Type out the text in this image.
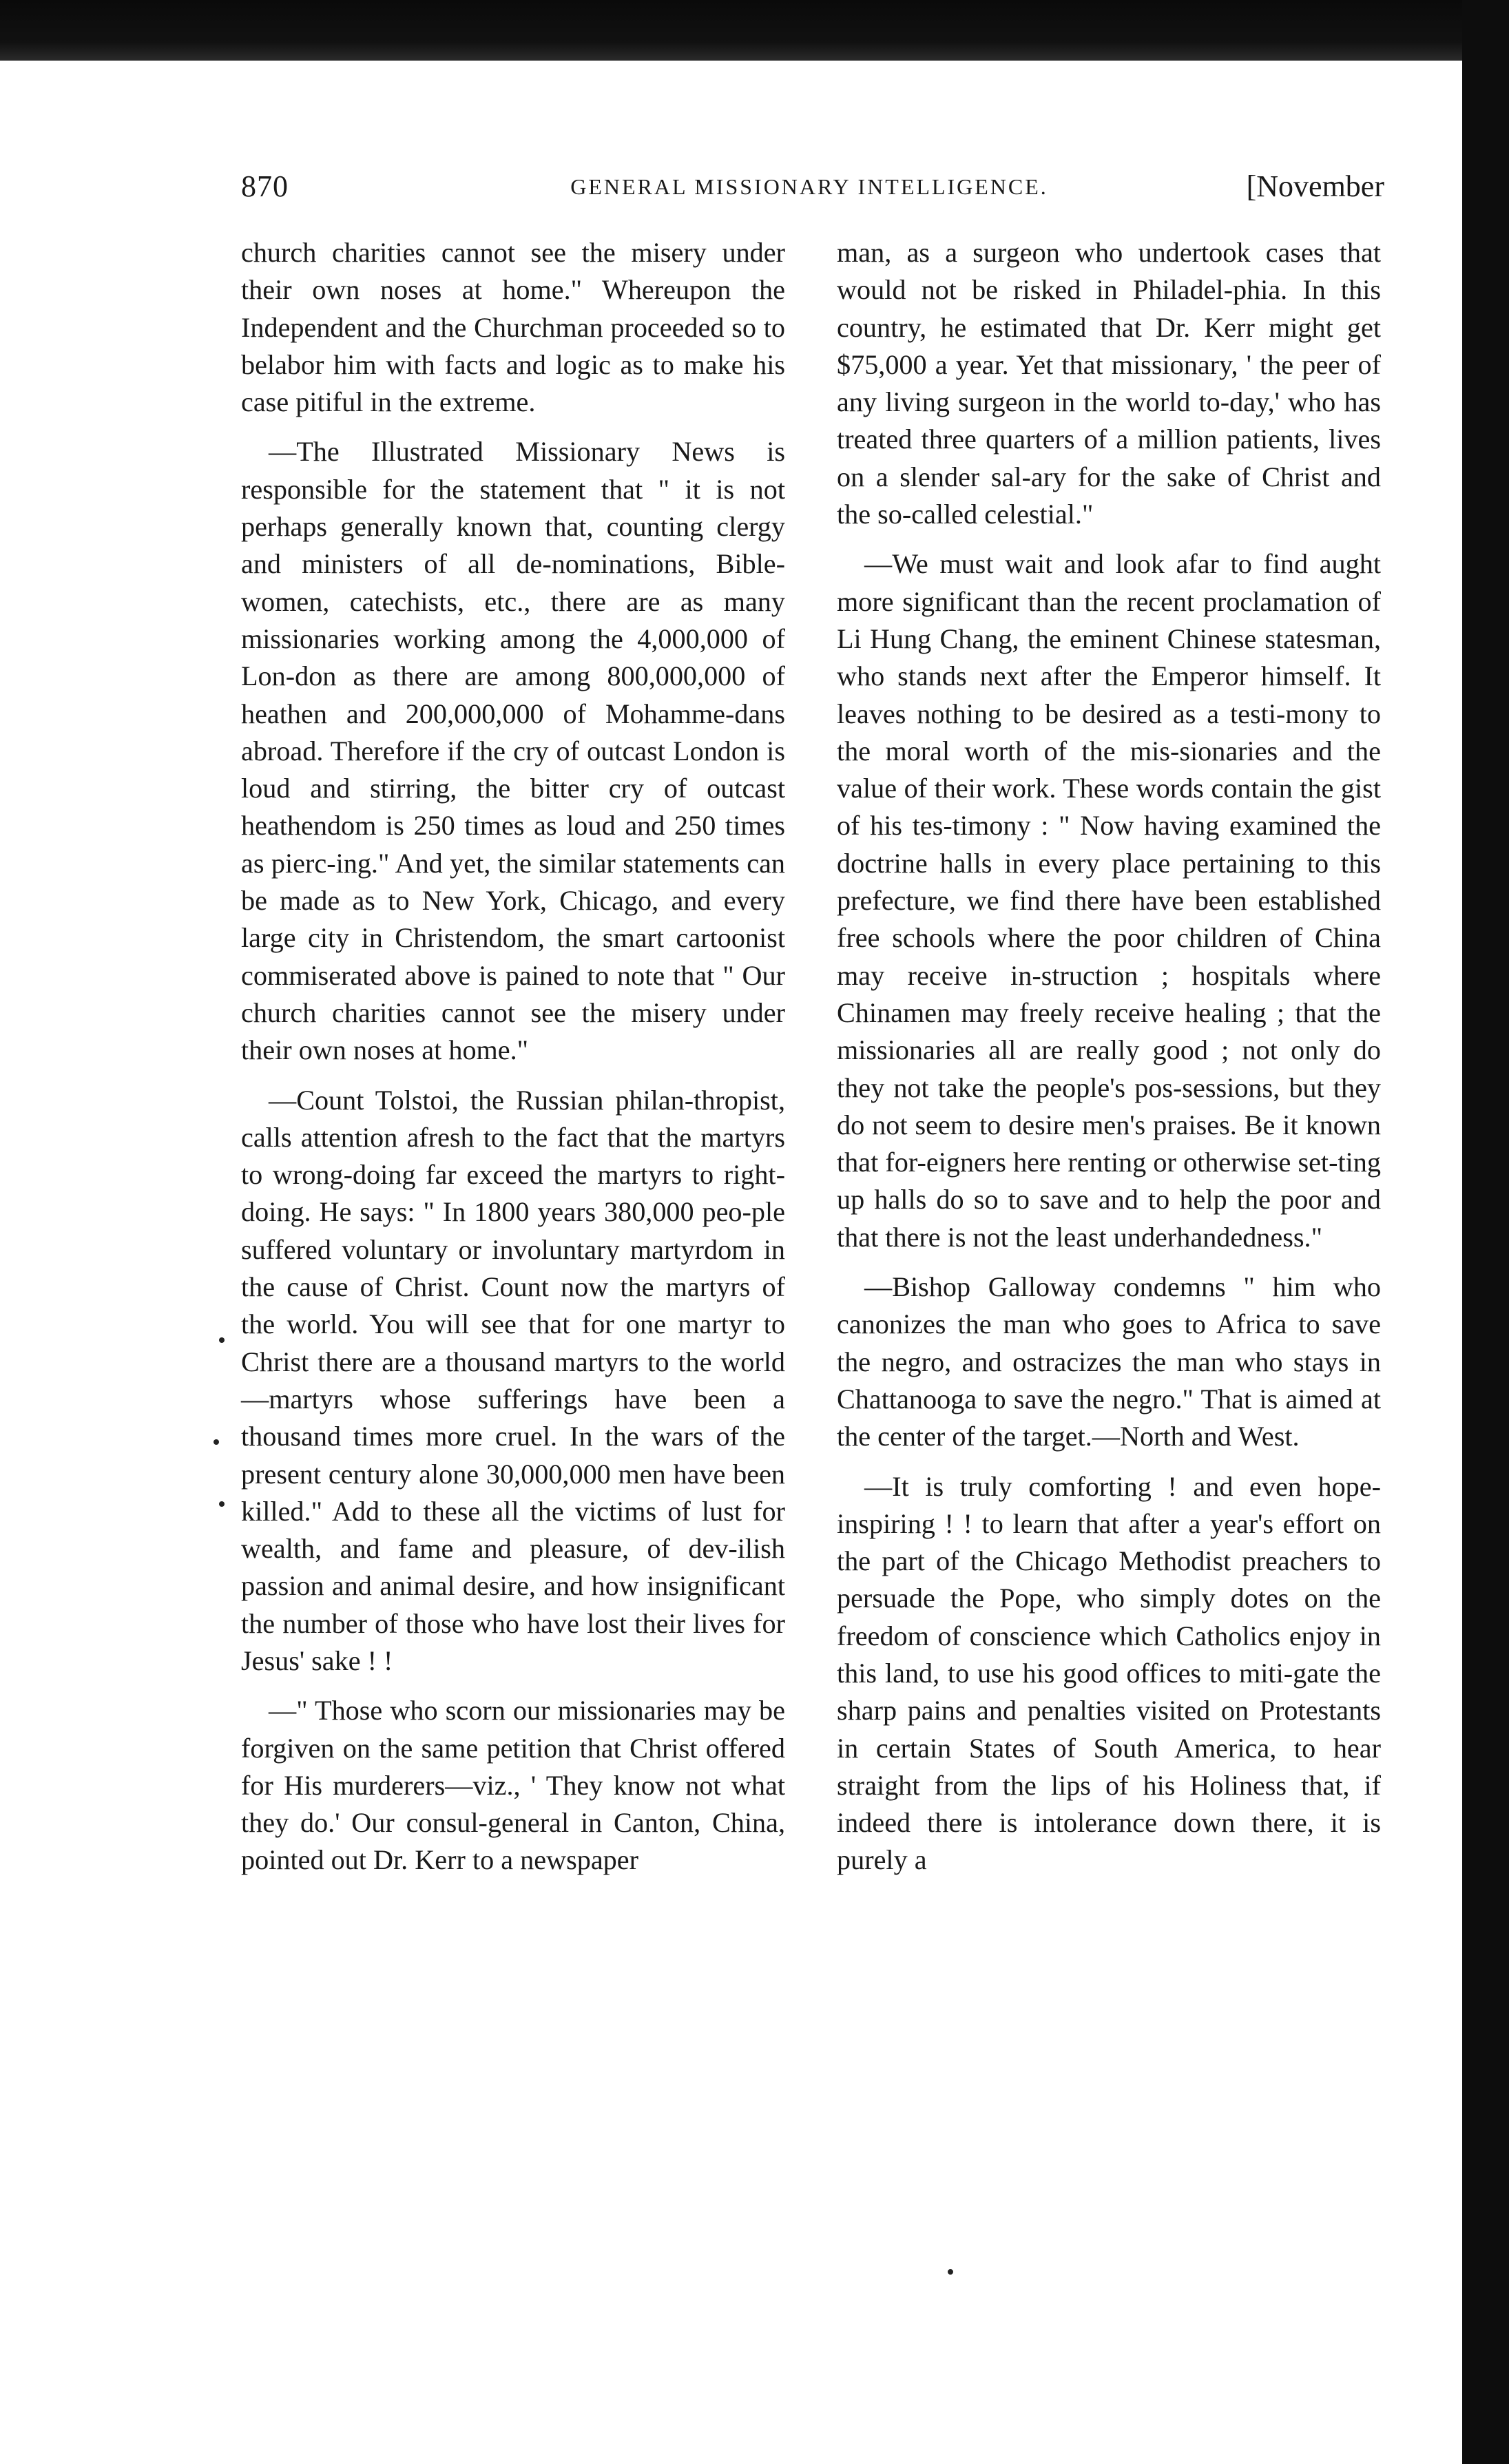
870	GENERAL MISSIONARY INTELLIGENCE.	[November

church charities cannot see the misery under their own noses at home." Whereupon the Independent and the Churchman proceeded so to belabor him with facts and logic as to make his case pitiful in the extreme.

—The Illustrated Missionary News is responsible for the statement that " it is not perhaps generally known that, counting clergy and ministers of all de-nominations, Bible-women, catechists, etc., there are as many missionaries working among the 4,000,000 of Lon-don as there are among 800,000,000 of heathen and 200,000,000 of Mohamme-dans abroad. Therefore if the cry of outcast London is loud and stirring, the bitter cry of outcast heathendom is 250 times as loud and 250 times as pierc-ing." And yet, the similar statements can be made as to New York, Chicago, and every large city in Christendom, the smart cartoonist commiserated above is pained to note that " Our church charities cannot see the misery under their own noses at home."

—Count Tolstoi, the Russian philan-thropist, calls attention afresh to the fact that the martyrs to wrong-doing far exceed the martyrs to right-doing. He says: " In 1800 years 380,000 peo-ple suffered voluntary or involuntary martyrdom in the cause of Christ. Count now the martyrs of the world. You will see that for one martyr to Christ there are a thousand martyrs to the world—martyrs whose sufferings have been a thousand times more cruel. In the wars of the present century alone 30,000,000 men have been killed." Add to these all the victims of lust for wealth, and fame and pleasure, of dev-ilish passion and animal desire, and how insignificant the number of those who have lost their lives for Jesus' sake ! !

—" Those who scorn our missionaries may be forgiven on the same petition that Christ offered for His murderers—viz., ' They know not what they do.' Our consul-general in Canton, China, pointed out Dr. Kerr to a newspaper

man, as a surgeon who undertook cases that would not be risked in Philadel-phia. In this country, he estimated that Dr. Kerr might get $75,000 a year. Yet that missionary, ' the peer of any living surgeon in the world to-day,' who has treated three quarters of a million patients, lives on a slender sal-ary for the sake of Christ and the so-called celestial."

—We must wait and look afar to find aught more significant than the recent proclamation of Li Hung Chang, the eminent Chinese statesman, who stands next after the Emperor himself. It leaves nothing to be desired as a testi-mony to the moral worth of the mis-sionaries and the value of their work. These words contain the gist of his tes-timony : " Now having examined the doctrine halls in every place pertaining to this prefecture, we find there have been established free schools where the poor children of China may receive in-struction ; hospitals where Chinamen may freely receive healing ; that the missionaries all are really good ; not only do they not take the people's pos-sessions, but they do not seem to desire men's praises. Be it known that for-eigners here renting or otherwise set-ting up halls do so to save and to help the poor and that there is not the least underhandedness."

—Bishop Galloway condemns " him who canonizes the man who goes to Africa to save the negro, and ostracizes the man who stays in Chattanooga to save the negro." That is aimed at the center of the target.—North and West.

—It is truly comforting ! and even hope-inspiring ! ! to learn that after a year's effort on the part of the Chicago Methodist preachers to persuade the Pope, who simply dotes on the freedom of conscience which Catholics enjoy in this land, to use his good offices to miti-gate the sharp pains and penalties visited on Protestants in certain States of South America, to hear straight from the lips of his Holiness that, if indeed there is intolerance down there, it is purely a
